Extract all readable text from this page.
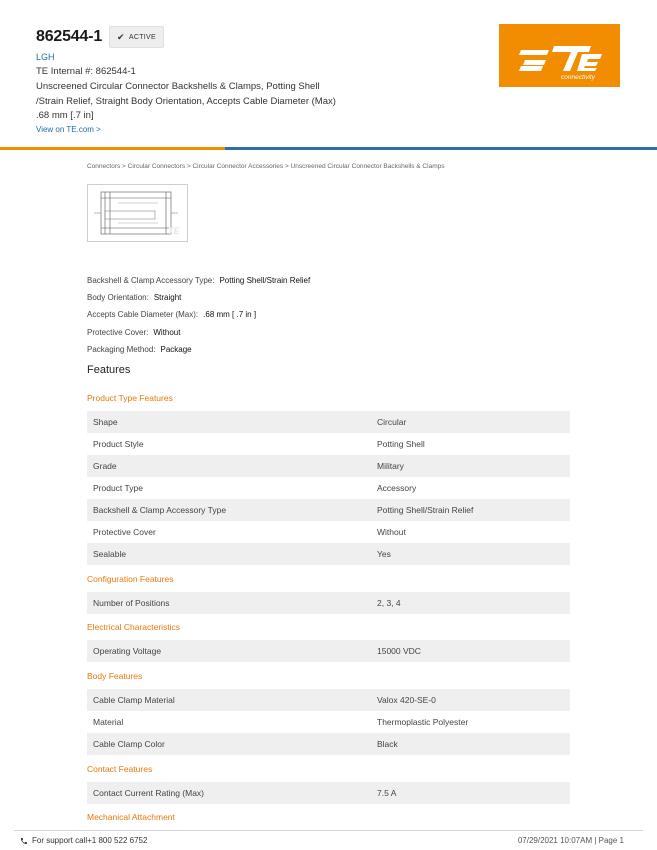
862544-1 ✔ ACTIVE
LGH
TE Internal #: 862544-1
Unscreened Circular Connector Backshells & Clamps, Potting Shell /Strain Relief, Straight Body Orientation, Accepts Cable Diameter (Max) .68 mm [.7 in]
View on TE.com >
connectivity
Connectors > Circular Connectors > Circular Connector Accessories > Unscreened Circular Connector Backshells & Clamps
TE
Backshell & Clamp Accessory Type: Potting Shell/Strain Relief
Body Orientation: Straight
Accepts Cable Diameter (Max): .68 mm [ .7 in ]
Protective Cover: Without
Packaging Method: Package
Features
Product Type Features
Shape	Circular
Product Style	Potting Shell
Grade	Military
Product Type	Accessory
Backshell & Clamp Accessory Type	Potting Shell/Strain Relief
Protective Cover	Without
Sealable	Yes
Configuration Features
Number of Positions	2, 3, 4
Electrical Characteristics
Operating Voltage	15000 VDC
Body Features
Cable Clamp Material	Valox 420-SE-0
Material	Thermoplastic Polyester
Cable Clamp Color	Black
Contact Features
Contact Current Rating (Max)	7.5 A
Mechanical Attachment
For support call+1 800 522 6752	07/29/2021 10:07AM | Page 1
